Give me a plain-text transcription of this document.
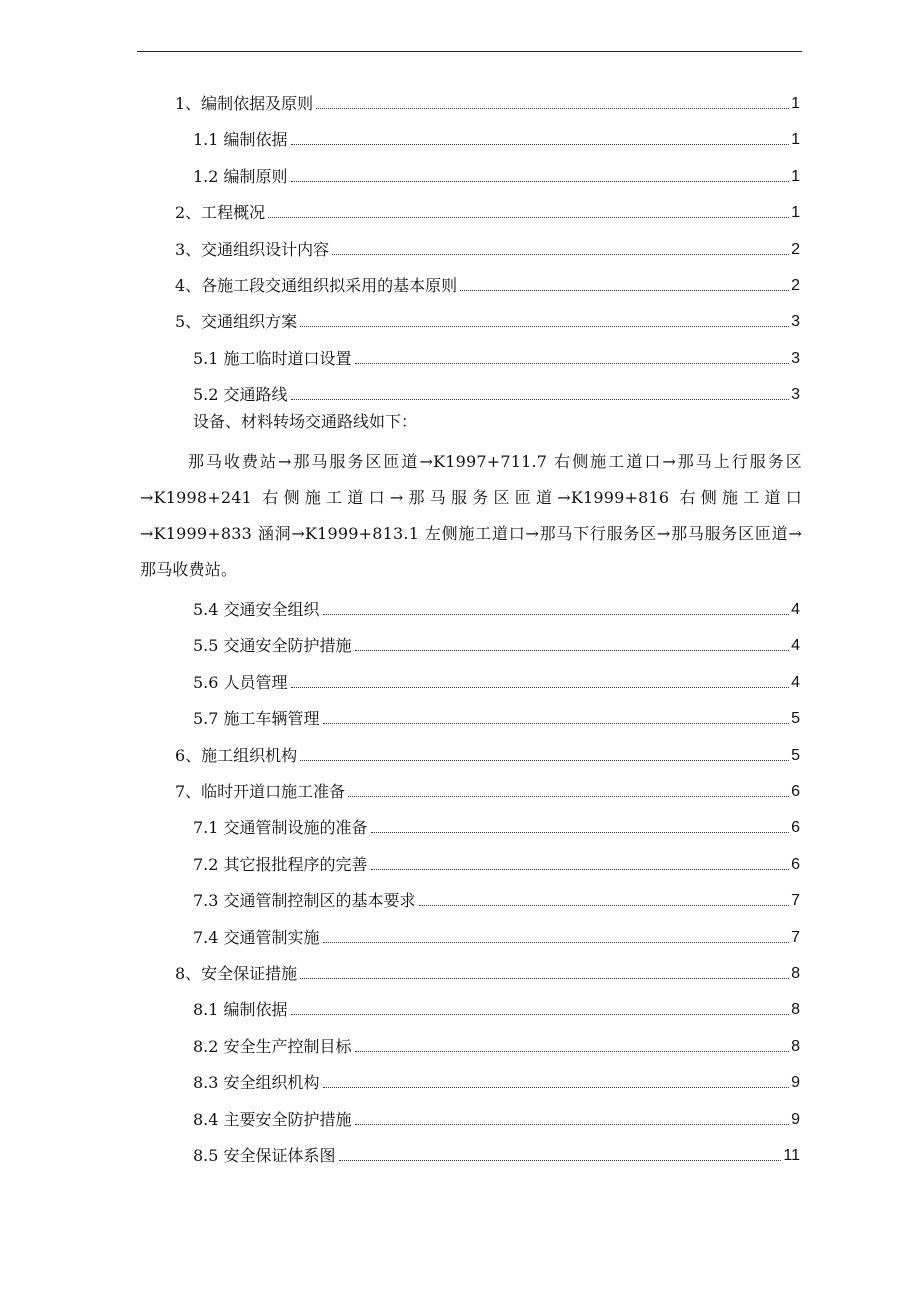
1、编制依据及原则	1
1.1 编制依据	1
1.2 编制原则	1
2、工程概况	1
3、交通组织设计内容	2
4、各施工段交通组织拟采用的基本原则	2
5、交通组织方案	3
5.1 施工临时道口设置	3
5.2 交通路线	3
设备、材料转场交通路线如下：
那马收费站→那马服务区匝道→K1997+711.7 右侧施工道口→那马上行服务区→K1998+241 右侧施工道口→那马服务区匝道→K1999+816 右侧施工道口→K1999+833 涵洞→K1999+813.1 左侧施工道口→那马下行服务区→那马服务区匝道→那马收费站。
5.4 交通安全组织	4
5.5 交通安全防护措施	4
5.6 人员管理	4
5.7 施工车辆管理	5
6、施工组织机构	5
7、临时开道口施工准备	6
7.1 交通管制设施的准备	6
7.2 其它报批程序的完善	6
7.3 交通管制控制区的基本要求	7
7.4 交通管制实施	7
8、安全保证措施	8
8.1 编制依据	8
8.2 安全生产控制目标	8
8.3 安全组织机构	9
8.4 主要安全防护措施	9
8.5 安全保证体系图	11
